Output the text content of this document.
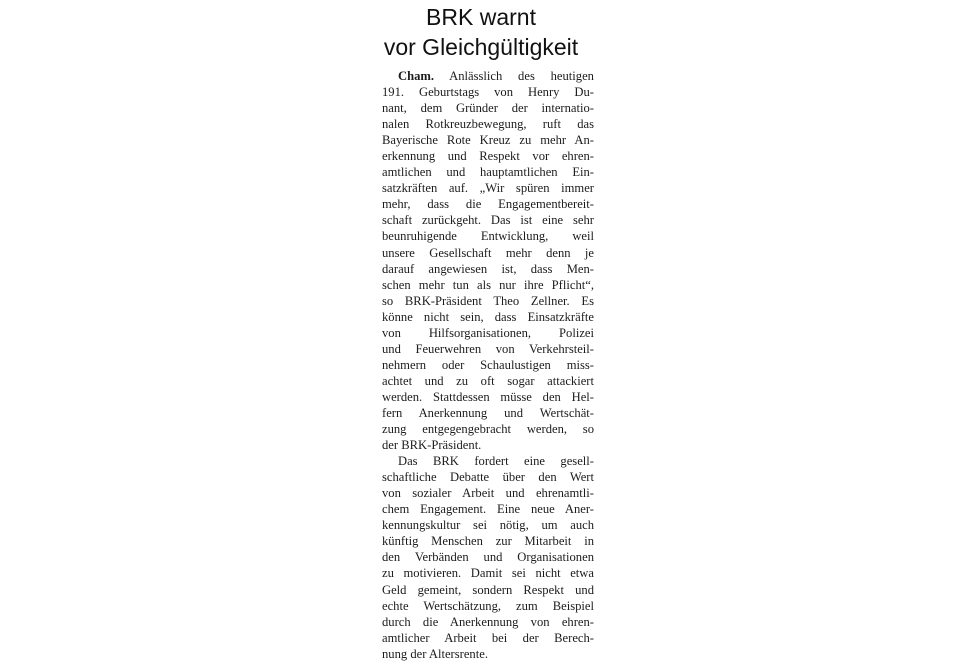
BRK warnt
vor Gleichgültigkeit
Cham. Anlässlich des heutigen
191. Geburtstags von Henry Du-
nant, dem Gründer der internatio-
nalen Rotkreuzbewegung, ruft das
Bayerische Rote Kreuz zu mehr An-
erkennung und Respekt vor ehren-
amtlichen und hauptamtlichen Ein-
satzkräften auf. „Wir spüren immer
mehr, dass die Engagementbereit-
schaft zurückgeht. Das ist eine sehr
beunruhigende Entwicklung, weil
unsere Gesellschaft mehr denn je
darauf angewiesen ist, dass Men-
schen mehr tun als nur ihre Pflicht“,
so BRK-Präsident Theo Zellner. Es
könne nicht sein, dass Einsatzkräfte
von Hilfsorganisationen, Polizei
und Feuerwehren von Verkehrsteil-
nehmern oder Schaulustigen miss-
achtet und zu oft sogar attackiert
werden. Stattdessen müsse den Hel-
fern Anerkennung und Wertschät-
zung entgegengebracht werden, so
der BRK-Präsident.
Das BRK fordert eine gesell-
schaftliche Debatte über den Wert
von sozialer Arbeit und ehrenamtli-
chem Engagement. Eine neue Aner-
kennungskultur sei nötig, um auch
künftig Menschen zur Mitarbeit in
den Verbänden und Organisationen
zu motivieren. Damit sei nicht etwa
Geld gemeint, sondern Respekt und
echte Wertschätzung, zum Beispiel
durch die Anerkennung von ehren-
amtlicher Arbeit bei der Berech-
nung der Altersrente.
